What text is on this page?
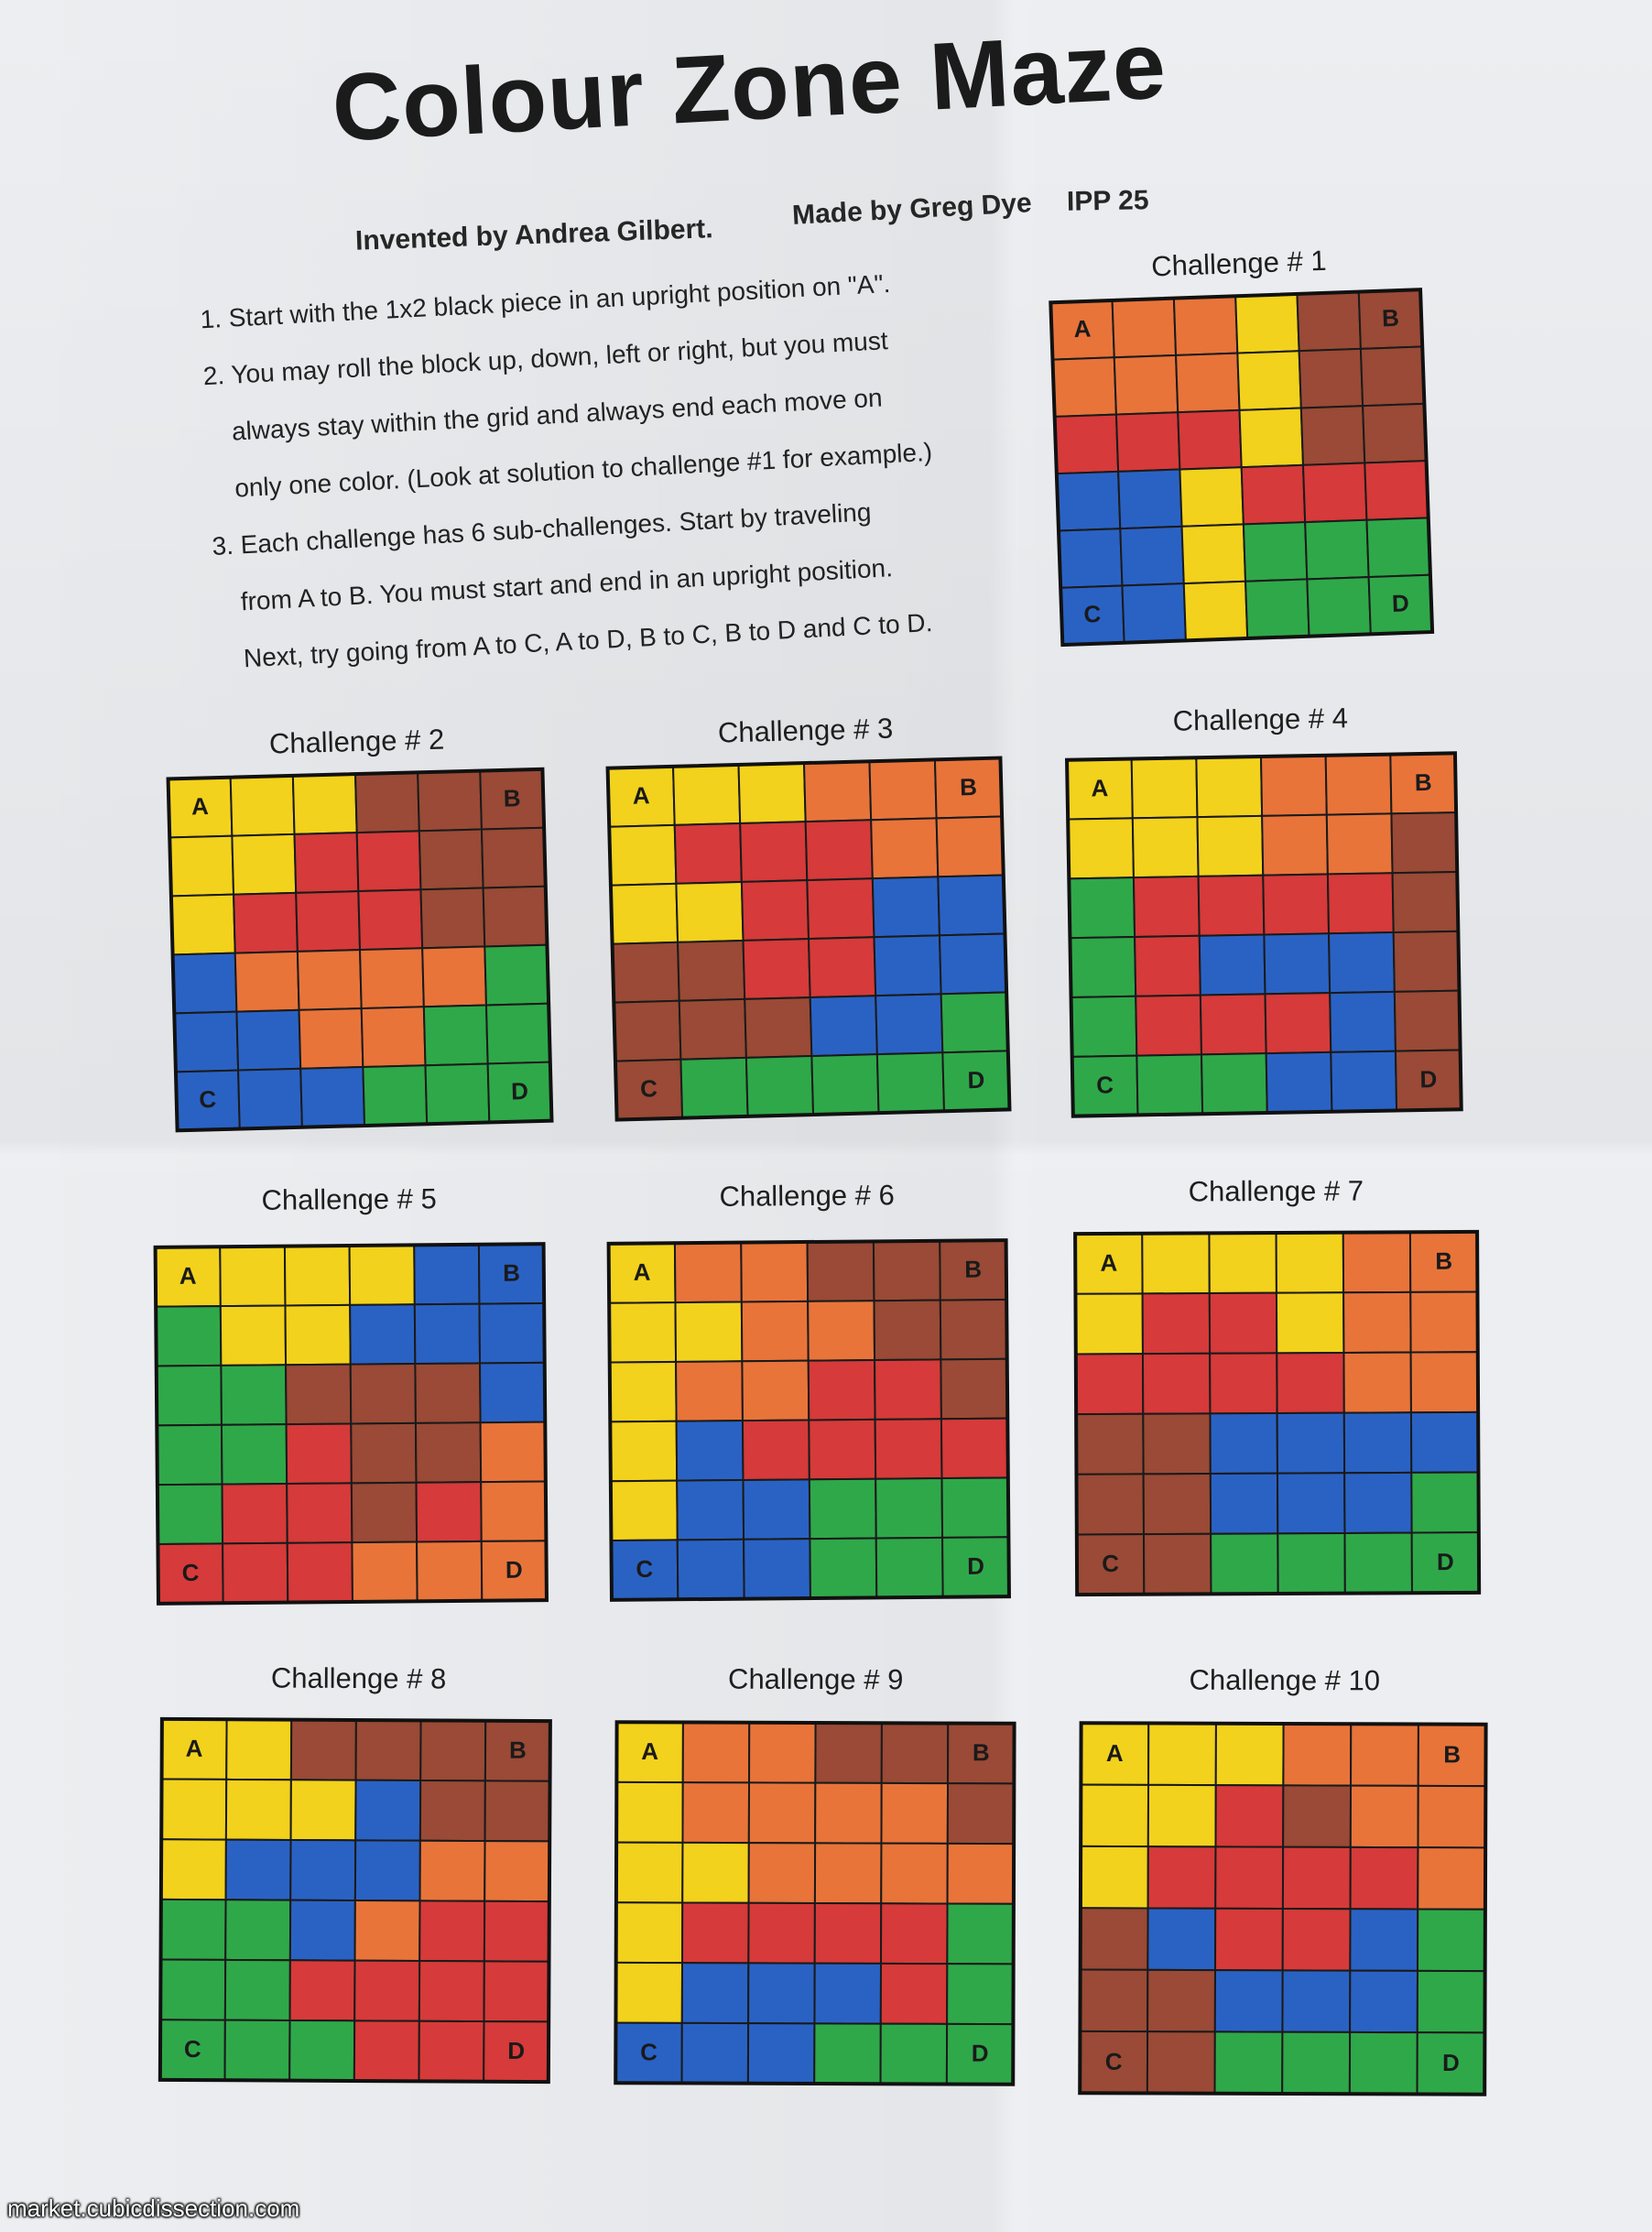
Colour Zone Maze
Invented by Andrea Gilbert.
Made by Greg Dye IPP 25
Challenge # 1
A	B
C	D
Challenge # 2
A	B
C	D
Challenge # 3
A	B
C	D
Challenge # 4
A	B
C	D
Challenge # 5
A	B
C	D
Challenge # 6
A	B
C	D
Challenge # 7
A	B
C	D
Challenge # 8
A	B
C	D
Challenge # 9
A	B
C	D
Challenge # 10
A	B
C	D
market.cubicdissection.com
